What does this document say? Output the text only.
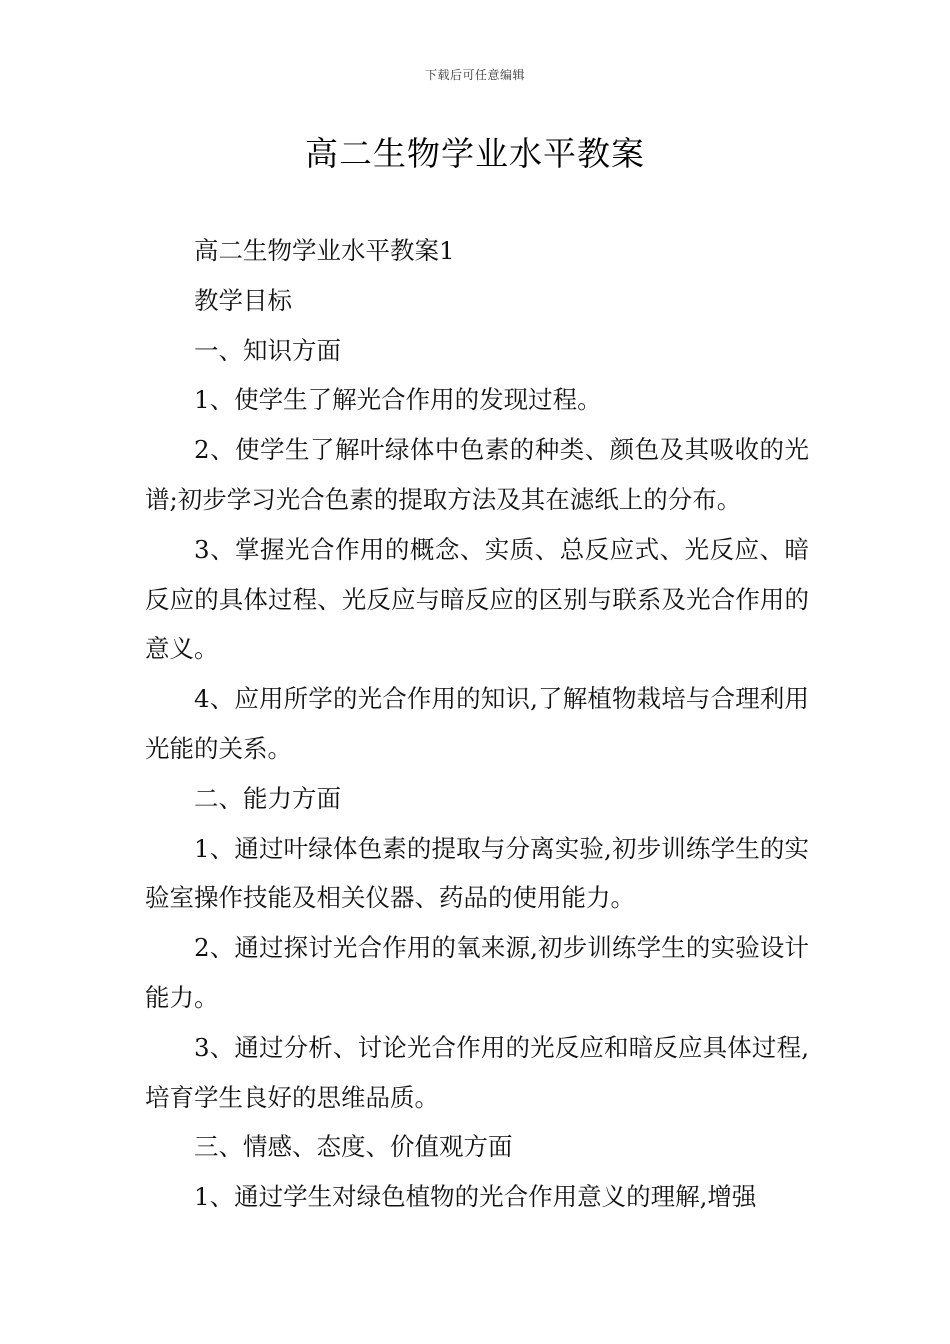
下载后可任意编辑
高二生物学业水平教案

高二生物学业水平教案1

教学目标

一、知识方面

1、使学生了解光合作用的发现过程。

2、使学生了解叶绿体中色素的种类、颜色及其吸收的光谱;初步学习光合色素的提取方法及其在滤纸上的分布。

3、掌握光合作用的概念、实质、总反应式、光反应、暗反应的具体过程、光反应与暗反应的区别与联系及光合作用的意义。

4、应用所学的光合作用的知识,了解植物栽培与合理利用光能的关系。

二、能力方面

1、通过叶绿体色素的提取与分离实验,初步训练学生的实验室操作技能及相关仪器、药品的使用能力。

2、通过探讨光合作用的氧来源,初步训练学生的实验设计能力。

3、通过分析、讨论光合作用的光反应和暗反应具体过程,培育学生良好的思维品质。

三、情感、态度、价值观方面

1、通过学生对绿色植物的光合作用意义的理解,增强
